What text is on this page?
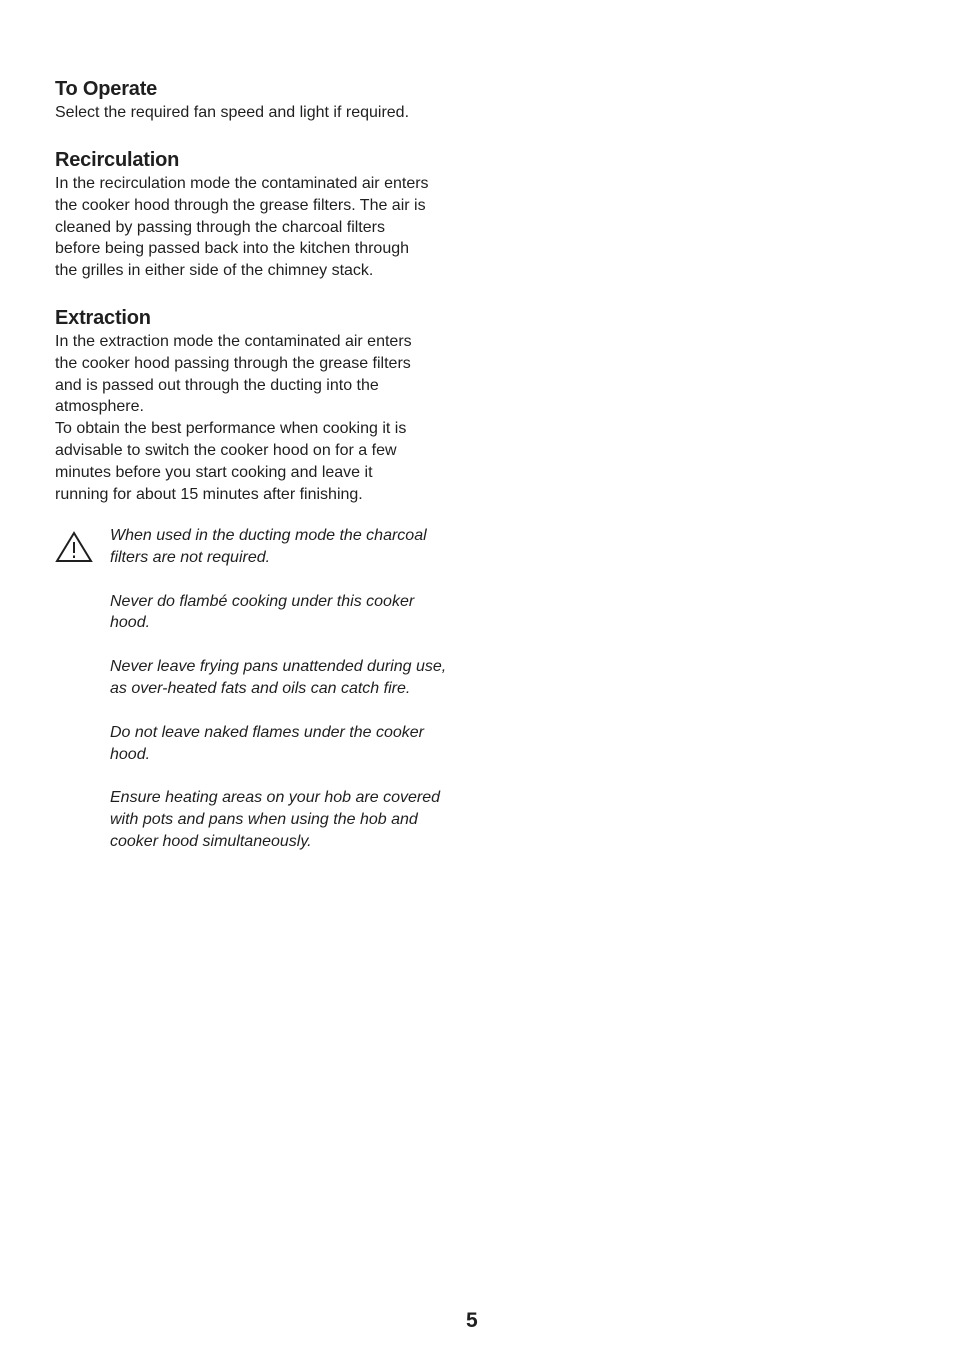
To Operate

Select the required fan speed and light if required.

Recirculation

In the recirculation mode the contaminated air enters

the cooker hood through the grease filters. The air is

cleaned by passing through the charcoal filters

before being passed back into the kitchen through

the grilles in either side of the chimney stack.

Extraction

In the extraction mode the contaminated air enters

the cooker hood passing through the grease filters

and is passed out through the ducting into the

atmosphere.

To obtain the best performance when cooking it is

advisable to switch the cooker hood on for a few

minutes before you start cooking and leave it

running for about 15 minutes after finishing.

When used in the ducting mode the charcoal

filters are not required.

Never do flambé cooking under this cooker

hood.

Never leave frying pans unattended during use,

as over-heated fats and oils can catch fire.

Do not leave naked flames under the cooker

hood.

Ensure heating areas on your hob are covered

with pots and pans when using the hob and

cooker hood simultaneously.

5
